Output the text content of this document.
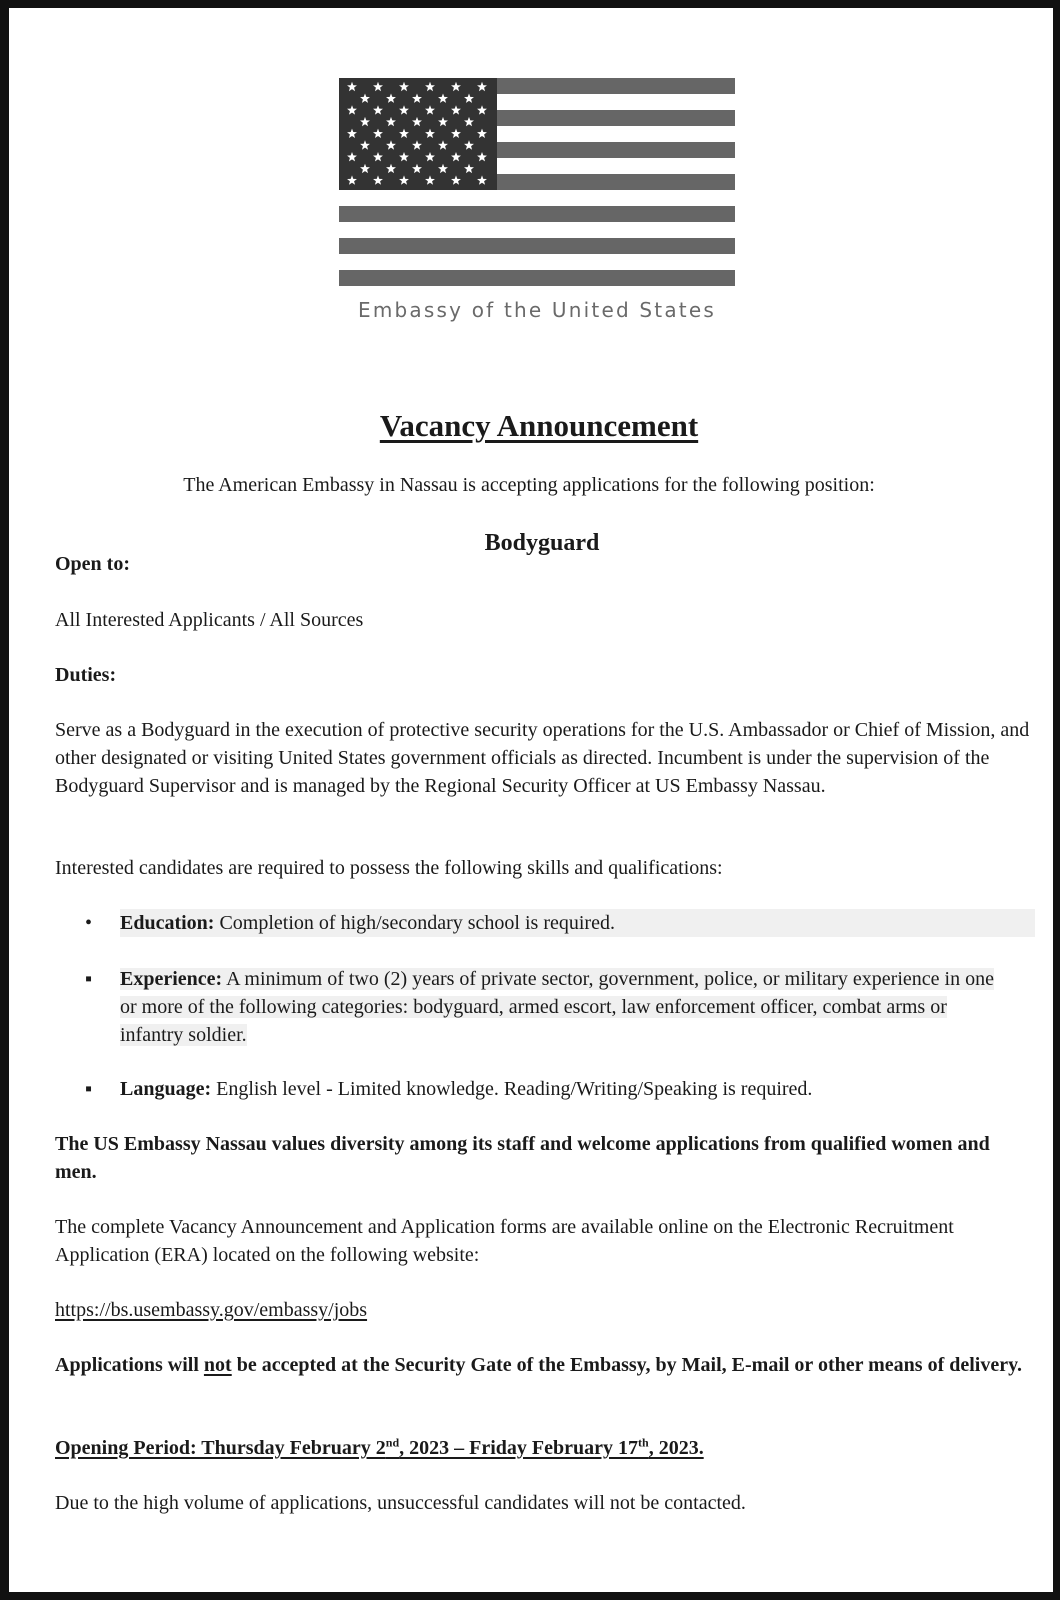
Embassy of the United States
Vacancy Announcement
The American Embassy in Nassau is accepting applications for the following position:
Bodyguard
Open to:
All Interested Applicants / All Sources
Duties:
Serve as a Bodyguard in the execution of protective security operations for the U.S. Ambassador or Chief of Mission, and other designated or visiting United States government officials as directed. Incumbent is under the supervision of the Bodyguard Supervisor and is managed by the Regional Security Officer at US Embassy Nassau.
Interested candidates are required to possess the following skills and qualifications:
• Education: Completion of high/secondary school is required.
▪ Experience: A minimum of two (2) years of private sector, government, police, or military experience in one or more of the following categories: bodyguard, armed escort, law enforcement officer, combat arms or infantry soldier.
▪ Language: English level - Limited knowledge. Reading/Writing/Speaking is required.
The US Embassy Nassau values diversity among its staff and welcome applications from qualified women and men.
The complete Vacancy Announcement and Application forms are available online on the Electronic Recruitment Application (ERA) located on the following website:
https://bs.usembassy.gov/embassy/jobs
Applications will not be accepted at the Security Gate of the Embassy, by Mail, E-mail or other means of delivery.
Opening Period: Thursday February 2nd, 2023 – Friday February 17th, 2023.
Due to the high volume of applications, unsuccessful candidates will not be contacted.
